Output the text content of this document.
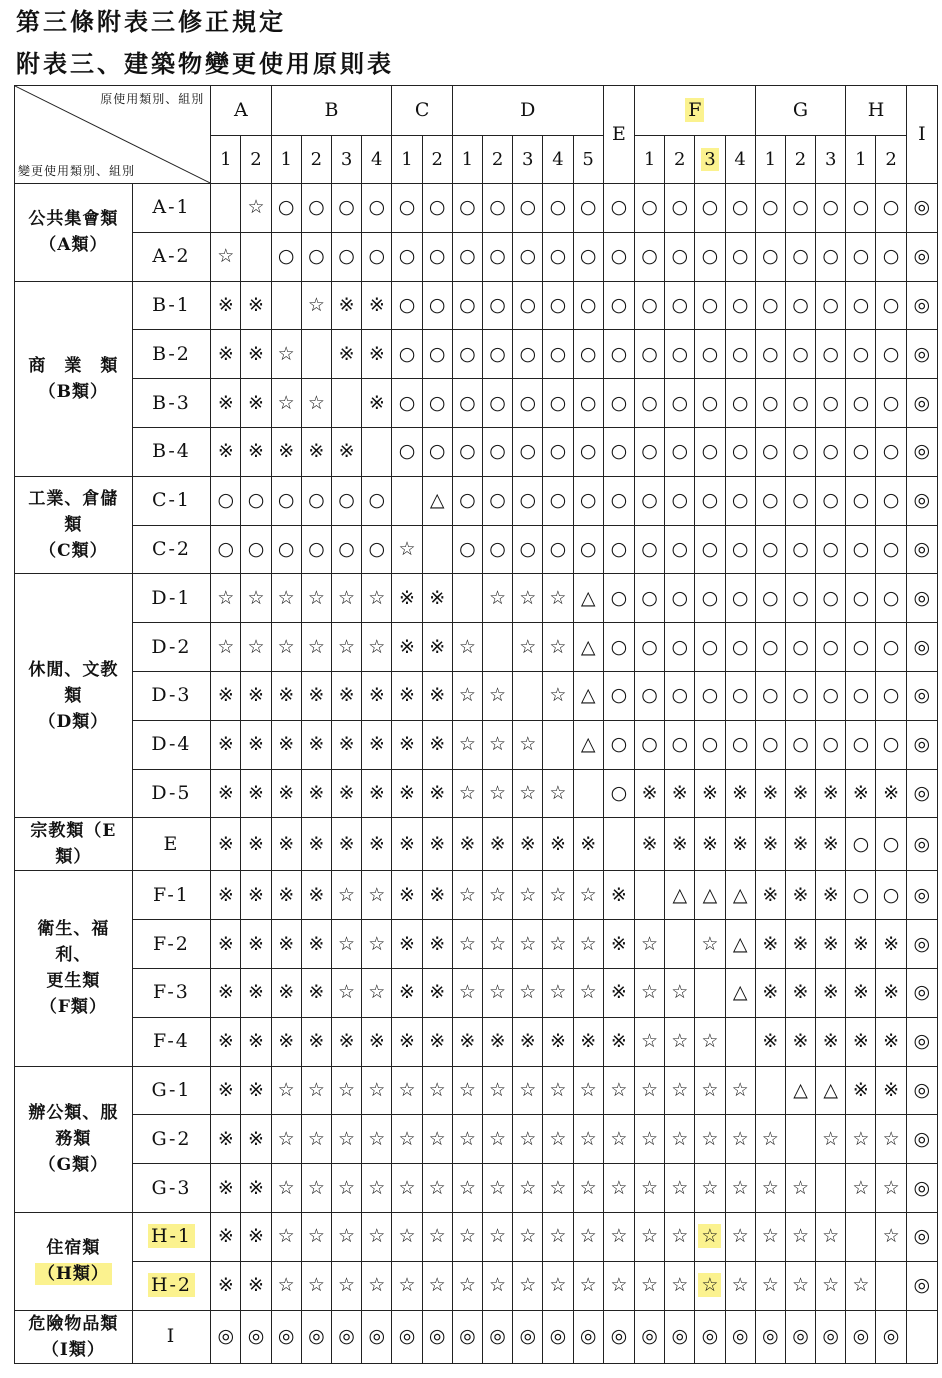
第三條附表三修正規定
附表三、建築物變更使用原則表
原使用類別、組別
變更使用類別、組別		A		B				C		D					E	F				G			H		I
		1	2	1	2	3	4	1	2	1	2	3	4	5		1	2	3	4	1	2	3	1	2	

公共集會類
（A類）	A-1		☆	○	○	○	○	○	○	○	○	○	○	○	○	○	○	○	○	○	○	○	○	○	◎
	A-2	☆		○	○	○	○	○	○	○	○	○	○	○	○	○	○	○	○	○	○	○	○	○	◎

商　業　類
（B類）	B-1	※	※		☆	※	※	○	○	○	○	○	○	○	○	○	○	○	○	○	○	○	○	○	◎
	B-2	※	※	☆		※	※	○	○	○	○	○	○	○	○	○	○	○	○	○	○	○	○	○	◎
	B-3	※	※	☆	☆		※	○	○	○	○	○	○	○	○	○	○	○	○	○	○	○	○	○	◎
	B-4	※	※	※	※	※		○	○	○	○	○	○	○	○	○	○	○	○	○	○	○	○	○	◎

工業、倉儲
類
（C類）	C-1	○	○	○	○	○	○		△	○	○	○	○	○	○	○	○	○	○	○	○	○	○	○	◎
	C-2	○	○	○	○	○	○	☆		○	○	○	○	○	○	○	○	○	○	○	○	○	○	○	◎

休閒、文教
類
（D類）	D-1	☆	☆	☆	☆	☆	☆	※	※		☆	☆	☆	△	○	○	○	○	○	○	○	○	○	○	◎
	D-2	☆	☆	☆	☆	☆	☆	※	※	☆		☆	☆	△	○	○	○	○	○	○	○	○	○	○	◎
	D-3	※	※	※	※	※	※	※	※	☆	☆		☆	△	○	○	○	○	○	○	○	○	○	○	◎
	D-4	※	※	※	※	※	※	※	※	☆	☆	☆		△	○	○	○	○	○	○	○	○	○	○	◎
	D-5	※	※	※	※	※	※	※	※	☆	☆	☆	☆		○	※	※	※	※	※	※	※	※	※	◎

宗教類（E
類）	E	※	※	※	※	※	※	※	※	※	※	※	※	※		※	※	※	※	※	※	※	○	○	◎

衛生、福
利、
更生類
（F類）	F-1	※	※	※	※	☆	☆	※	※	☆	☆	☆	☆	☆	※		△	△	△	※	※	※	○	○	◎
	F-2	※	※	※	※	☆	☆	※	※	☆	☆	☆	☆	☆	※	☆		☆	△	※	※	※	※	※	◎
	F-3	※	※	※	※	☆	☆	※	※	☆	☆	☆	☆	☆	※	☆	☆		△	※	※	※	※	※	◎
	F-4	※	※	※	※	※	※	※	※	※	※	※	※	※	※	☆	☆	☆		※	※	※	※	※	◎

辦公類、服
務類
（G類）	G-1	※	※	☆	☆	☆	☆	☆	☆	☆	☆	☆	☆	☆	☆	☆	☆	☆	☆		△	△	※	※	◎
	G-2	※	※	☆	☆	☆	☆	☆	☆	☆	☆	☆	☆	☆	☆	☆	☆	☆	☆	☆		☆	☆	☆	◎
	G-3	※	※	☆	☆	☆	☆	☆	☆	☆	☆	☆	☆	☆	☆	☆	☆	☆	☆	☆	☆		☆	☆	◎

住宿類
（H類）	H-1	※	※	☆	☆	☆	☆	☆	☆	☆	☆	☆	☆	☆	☆	☆	☆	☆	☆	☆	☆	☆		☆	◎
	H-2	※	※	☆	☆	☆	☆	☆	☆	☆	☆	☆	☆	☆	☆	☆	☆	☆	☆	☆	☆	☆	☆		◎

危險物品類
（I類）	I	◎	◎	◎	◎	◎	◎	◎	◎	◎	◎	◎	◎	◎	◎	◎	◎	◎	◎	◎	◎	◎	◎	◎	
